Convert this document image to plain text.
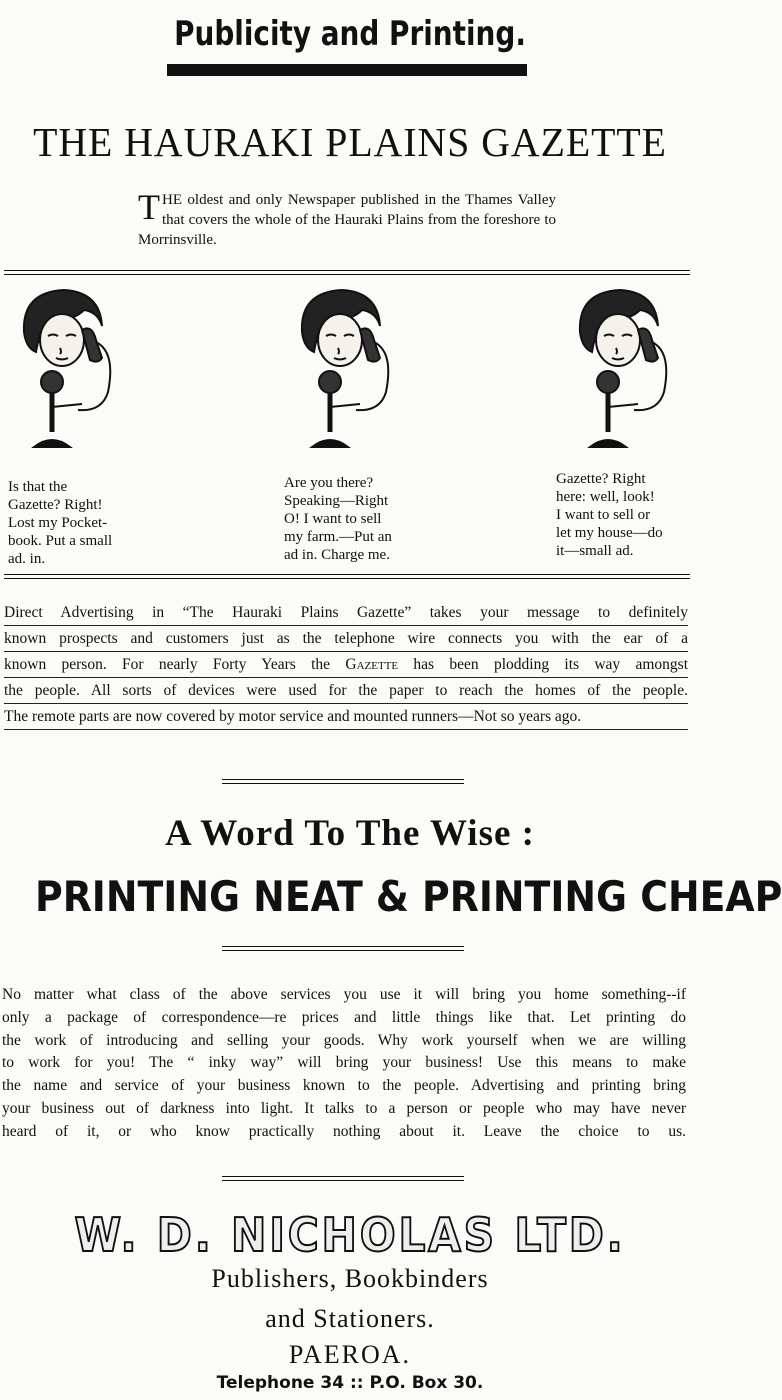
Publicity and Printing.
THE HAURAKI PLAINS GAZETTE
THE oldest and only Newspaper published in the Thames Valley that covers the whole of the Hauraki Plains from the foreshore to Morrinsville.
Is that the
Gazette? Right!
Lost my Pocket-
book. Put a small
ad. in.
Are you there?
Speaking—Right
O! I want to sell
my farm.—Put an
ad in. Charge me.
Gazette? Right
here: well, look!
I want to sell or
let my house—do
it—small ad.
Direct Advertising in “The Hauraki Plains Gazette” takes your message to definitely
known prospects and customers just as the telephone wire connects you with the ear of a
known person. For nearly Forty Years the Gazette has been plodding its way amongst
the people. All sorts of devices were used for the paper to reach the homes of the people.
The remote parts are now covered by motor service and mounted runners—Not so years ago.
A Word To The Wise :
PRINTING NEAT & PRINTING CHEAP
No matter what class of the above services you use it will bring you home something--if
only a package of correspondence—re prices and little things like that. Let printing do
the work of introducing and selling your goods. Why work yourself when we are willing
to work for you! The “ inky way” will bring your business! Use this means to make
the name and service of your business known to the people. Advertising and printing bring
your business out of darkness into light. It talks to a person or people who may have never
heard of it, or who know practically nothing about it. Leave the choice to us.
W. D. NICHOLAS LTD.
Publishers, Bookbinders
and Stationers.
PAEROA.
Telephone 34 :: P.O. Box 30.
